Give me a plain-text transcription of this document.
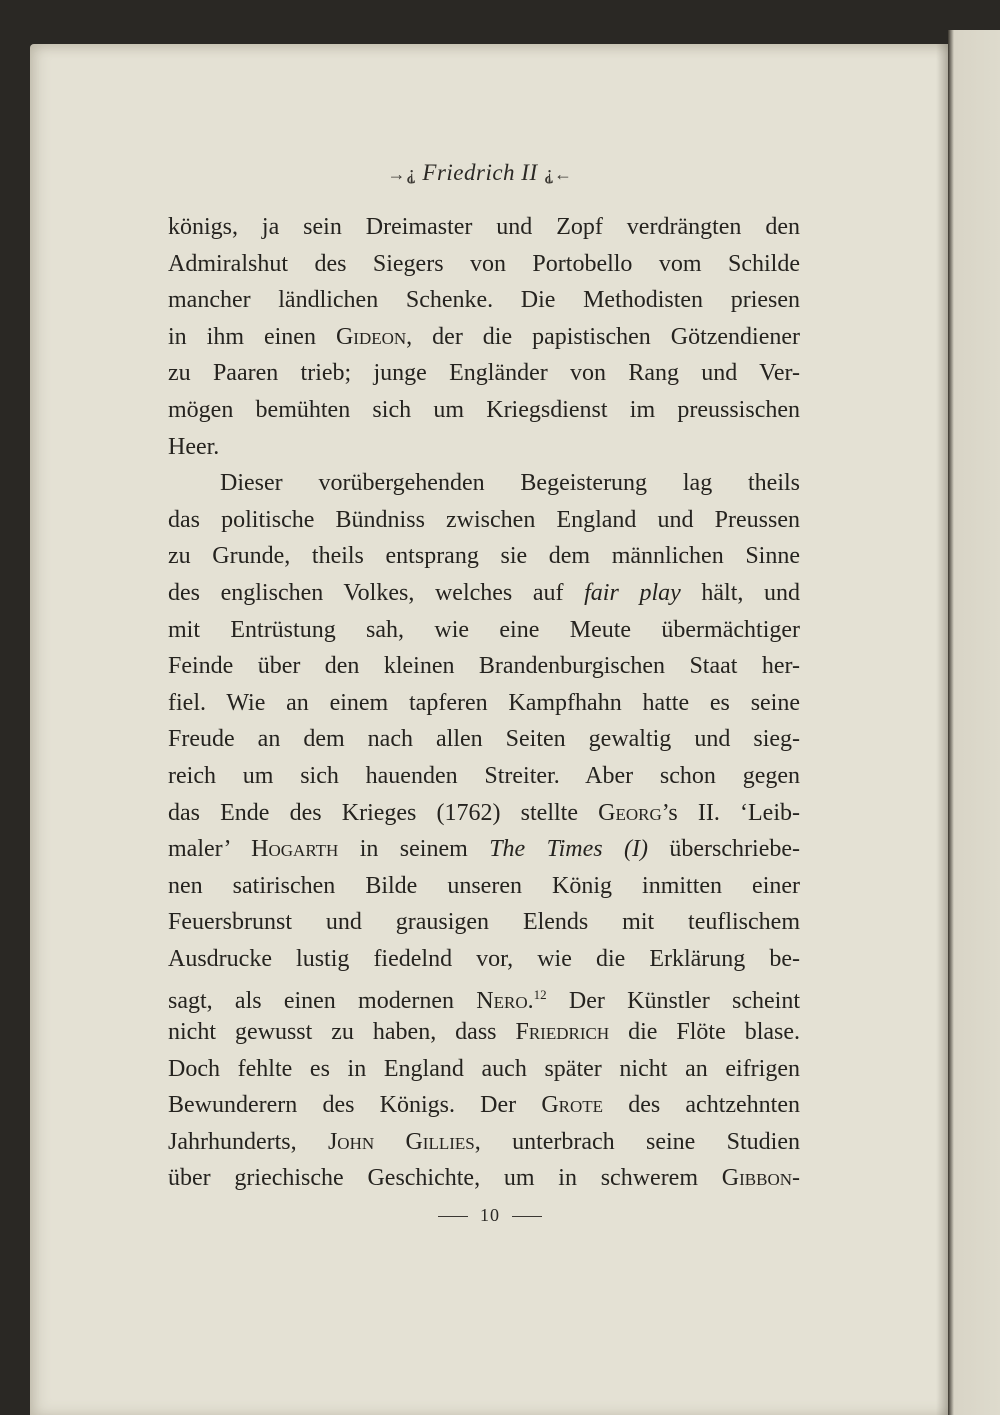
→⸘ Friedrich II ⸘←
königs, ja sein Dreimaster und Zopf verdrängten den
Admiralshut des Siegers von Portobello vom Schilde
mancher ländlichen Schenke. Die Methodisten priesen
in ihm einen Gideon, der die papistischen Götzendiener
zu Paaren trieb; junge Engländer von Rang und Ver-
mögen bemühten sich um Kriegsdienst im preussischen
Heer.
Dieser vorübergehenden Begeisterung lag theils
das politische Bündniss zwischen England und Preussen
zu Grunde, theils entsprang sie dem männlichen Sinne
des englischen Volkes, welches auf fair play hält, und
mit Entrüstung sah, wie eine Meute übermächtiger
Feinde über den kleinen Brandenburgischen Staat her-
fiel. Wie an einem tapferen Kampfhahn hatte es seine
Freude an dem nach allen Seiten gewaltig und sieg-
reich um sich hauenden Streiter. Aber schon gegen
das Ende des Krieges (1762) stellte Georg’s II. ‘Leib-
maler’ Hogarth in seinem The Times (I) überschriebe-
nen satirischen Bilde unseren König inmitten einer
Feuersbrunst und grausigen Elends mit teuflischem
Ausdrucke lustig fiedelnd vor, wie die Erklärung be-
sagt, als einen modernen Nero.$^{12}$ Der Künstler scheint
nicht gewusst zu haben, dass Friedrich die Flöte blase.
Doch fehlte es in England auch später nicht an eifrigen
Bewunderern des Königs. Der Grote des achtzehnten
Jahrhunderts, John Gillies, unterbrach seine Studien
über griechische Geschichte, um in schwerem Gibbon-
10
